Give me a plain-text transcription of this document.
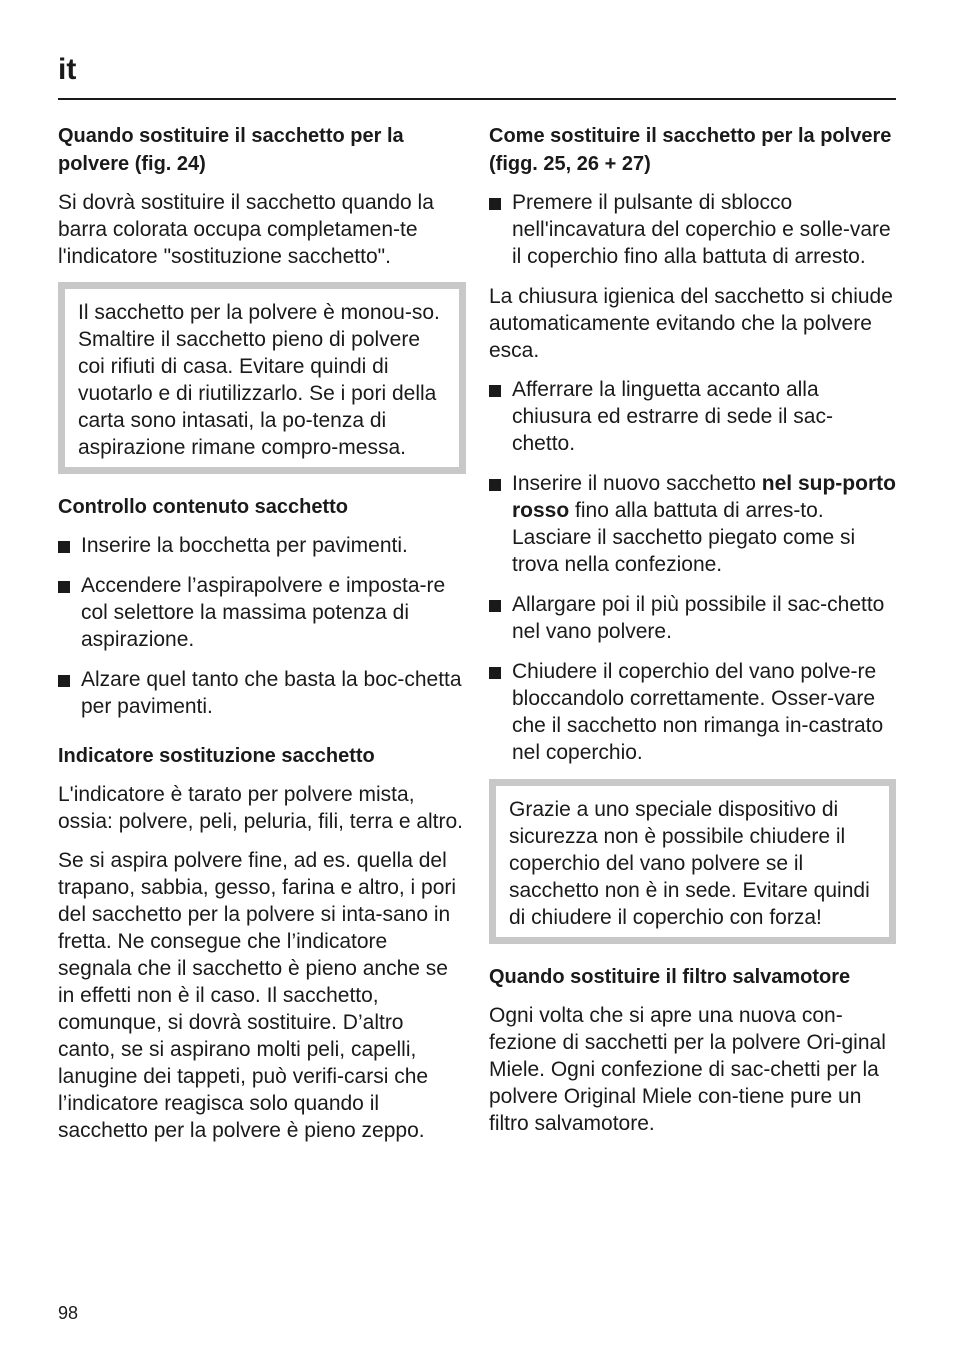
it
Quando sostituire il sacchetto per la polvere (fig. 24)

Si dovrà sostituire il sacchetto quando la barra colorata occupa completamen-te l'indicatore "sostituzione sacchetto".

Il sacchetto per la polvere è monou-so. Smaltire il sacchetto pieno di polvere coi rifiuti di casa. Evitare quindi di vuotarlo e di riutilizzarlo. Se i pori della carta sono intasati, la po-tenza di aspirazione rimane compro-messa.

Controllo contenuto sacchetto
Inserire la bocchetta per pavimenti.
Accendere l’aspirapolvere e imposta-re col selettore la massima potenza di aspirazione.
Alzare quel tanto che basta la boc-chetta per pavimenti.
Indicatore sostituzione sacchetto

L'indicatore è tarato per polvere mista, ossia: polvere, peli, peluria, fili, terra e altro.

Se si aspira polvere fine, ad es. quella del trapano, sabbia, gesso, farina e altro, i pori del sacchetto per la polvere si inta-sano in fretta. Ne consegue che l’indicatore segnala che il sacchetto è pieno anche se in effetti non è il caso. Il sacchetto, comunque, si dovrà sostituire. D’altro canto, se si aspirano molti peli, capelli, lanugine dei tappeti, può verifi-carsi che l’indicatore reagisca solo quando il sacchetto per la polvere è pieno zeppo.

Come sostituire il sacchetto per la polvere (figg. 25, 26 + 27)
Premere il pulsante di sblocco nell'incavatura del coperchio e solle-vare il coperchio fino alla battuta di arresto.

La chiusura igienica del sacchetto si chiude automaticamente evitando che la polvere esca.

Afferrare la linguetta accanto alla chiusura ed estrarre di sede il sac-chetto.
Inserire il nuovo sacchetto nel sup-porto rosso fino alla battuta di arres-to. Lasciare il sacchetto piegato come si trova nella confezione.
Allargare poi il più possibile il sac-chetto nel vano polvere.
Chiudere il coperchio del vano polve-re bloccandolo correttamente. Osser-vare che il sacchetto non rimanga in-castrato nel coperchio.

Grazie a uno speciale dispositivo di sicurezza non è possibile chiudere il coperchio del vano polvere se il sacchetto non è in sede. Evitare quindi di chiudere il coperchio con forza!

Quando sostituire il filtro salvamotore

Ogni volta che si apre una nuova con-fezione di sacchetti per la polvere Ori-ginal Miele. Ogni confezione di sac-chetti per la polvere Original Miele con-tiene pure un filtro salvamotore.

98
